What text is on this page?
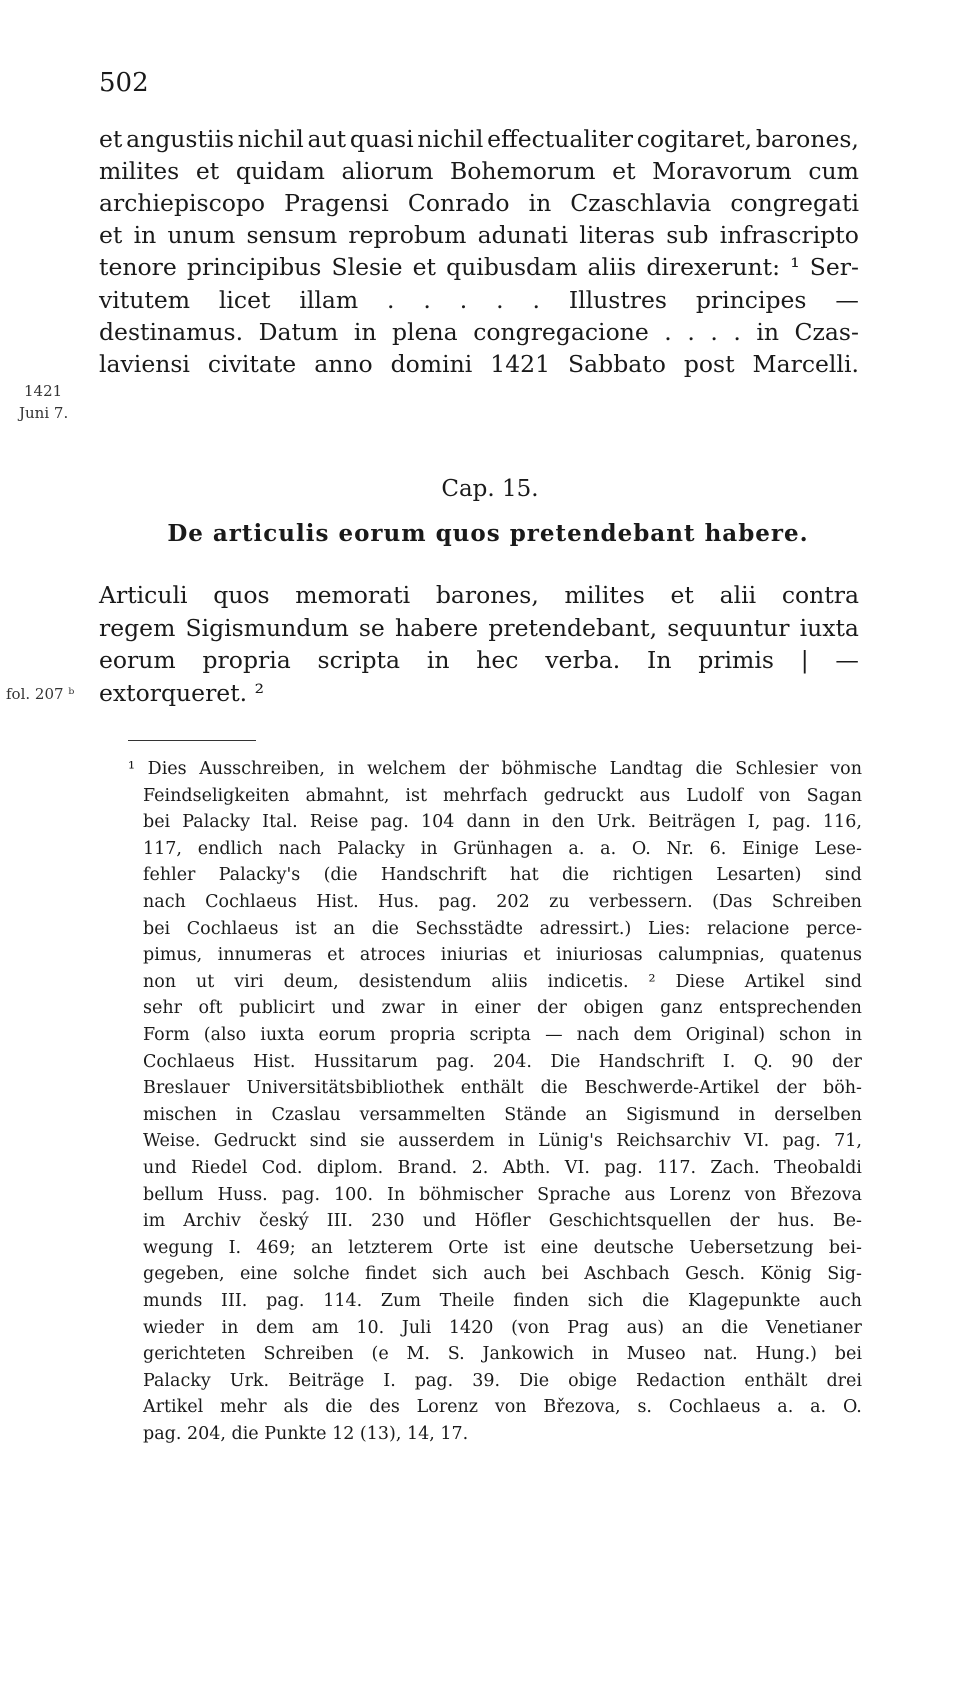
502
et angustiis nichil aut quasi nichil effectualiter cogitaret, barones,
milites et quidam aliorum Bohemorum et Moravorum cum
archiepiscopo Pragensi Conrado in Czaschlavia congregati
et in unum sensum reprobum adunati literas sub infrascripto
tenore principibus Slesie et quibusdam aliis direxerunt: ¹ Ser-
vitutem licet illam . . . . . Illustres principes —
destinamus. Datum in plena congregacione . . . . in Czas-
laviensi civitate anno domini 1421 Sabbato post Marcelli.
1421
Juni 7.
Cap. 15.
De articulis eorum quos pretendebant habere.
Articuli quos memorati barones, milites et alii contra
regem Sigismundum se habere pretendebant, sequuntur iuxta
eorum propria scripta in hec verba. In primis | —
extorqueret. ²
fol. 207 ᵇ
¹ Dies Ausschreiben, in welchem der böhmische Landtag die Schlesier von
Feindseligkeiten abmahnt, ist mehrfach gedruckt aus Ludolf von Sagan
bei Palacky Ital. Reise pag. 104 dann in den Urk. Beiträgen I, pag. 116,
117, endlich nach Palacky in Grünhagen a. a. O. Nr. 6. Einige Lese-
fehler Palacky's (die Handschrift hat die richtigen Lesarten) sind
nach Cochlaeus Hist. Hus. pag. 202 zu verbessern. (Das Schreiben
bei Cochlaeus ist an die Sechsstädte adressirt.) Lies: relacione perce-
pimus, innumeras et atroces iniurias et iniuriosas calumpnias, quatenus
non ut viri deum, desistendum aliis indicetis. ² Diese Artikel sind
sehr oft publicirt und zwar in einer der obigen ganz entsprechenden
Form (also iuxta eorum propria scripta — nach dem Original) schon in
Cochlaeus Hist. Hussitarum pag. 204. Die Handschrift I. Q. 90 der
Breslauer Universitätsbibliothek enthält die Beschwerde-Artikel der böh-
mischen in Czaslau versammelten Stände an Sigismund in derselben
Weise. Gedruckt sind sie ausserdem in Lünig's Reichsarchiv VI. pag. 71,
und Riedel Cod. diplom. Brand. 2. Abth. VI. pag. 117. Zach. Theobaldi
bellum Huss. pag. 100. In böhmischer Sprache aus Lorenz von Březova
im Archiv český III. 230 und Höfler Geschichtsquellen der hus. Be-
wegung I. 469; an letzterem Orte ist eine deutsche Uebersetzung bei-
gegeben, eine solche findet sich auch bei Aschbach Gesch. König Sig-
munds III. pag. 114. Zum Theile finden sich die Klagepunkte auch
wieder in dem am 10. Juli 1420 (von Prag aus) an die Venetianer
gerichteten Schreiben (e M. S. Jankowich in Museo nat. Hung.) bei
Palacky Urk. Beiträge I. pag. 39. Die obige Redaction enthält drei
Artikel mehr als die des Lorenz von Březova, s. Cochlaeus a. a. O.
pag. 204, die Punkte 12 (13), 14, 17.
